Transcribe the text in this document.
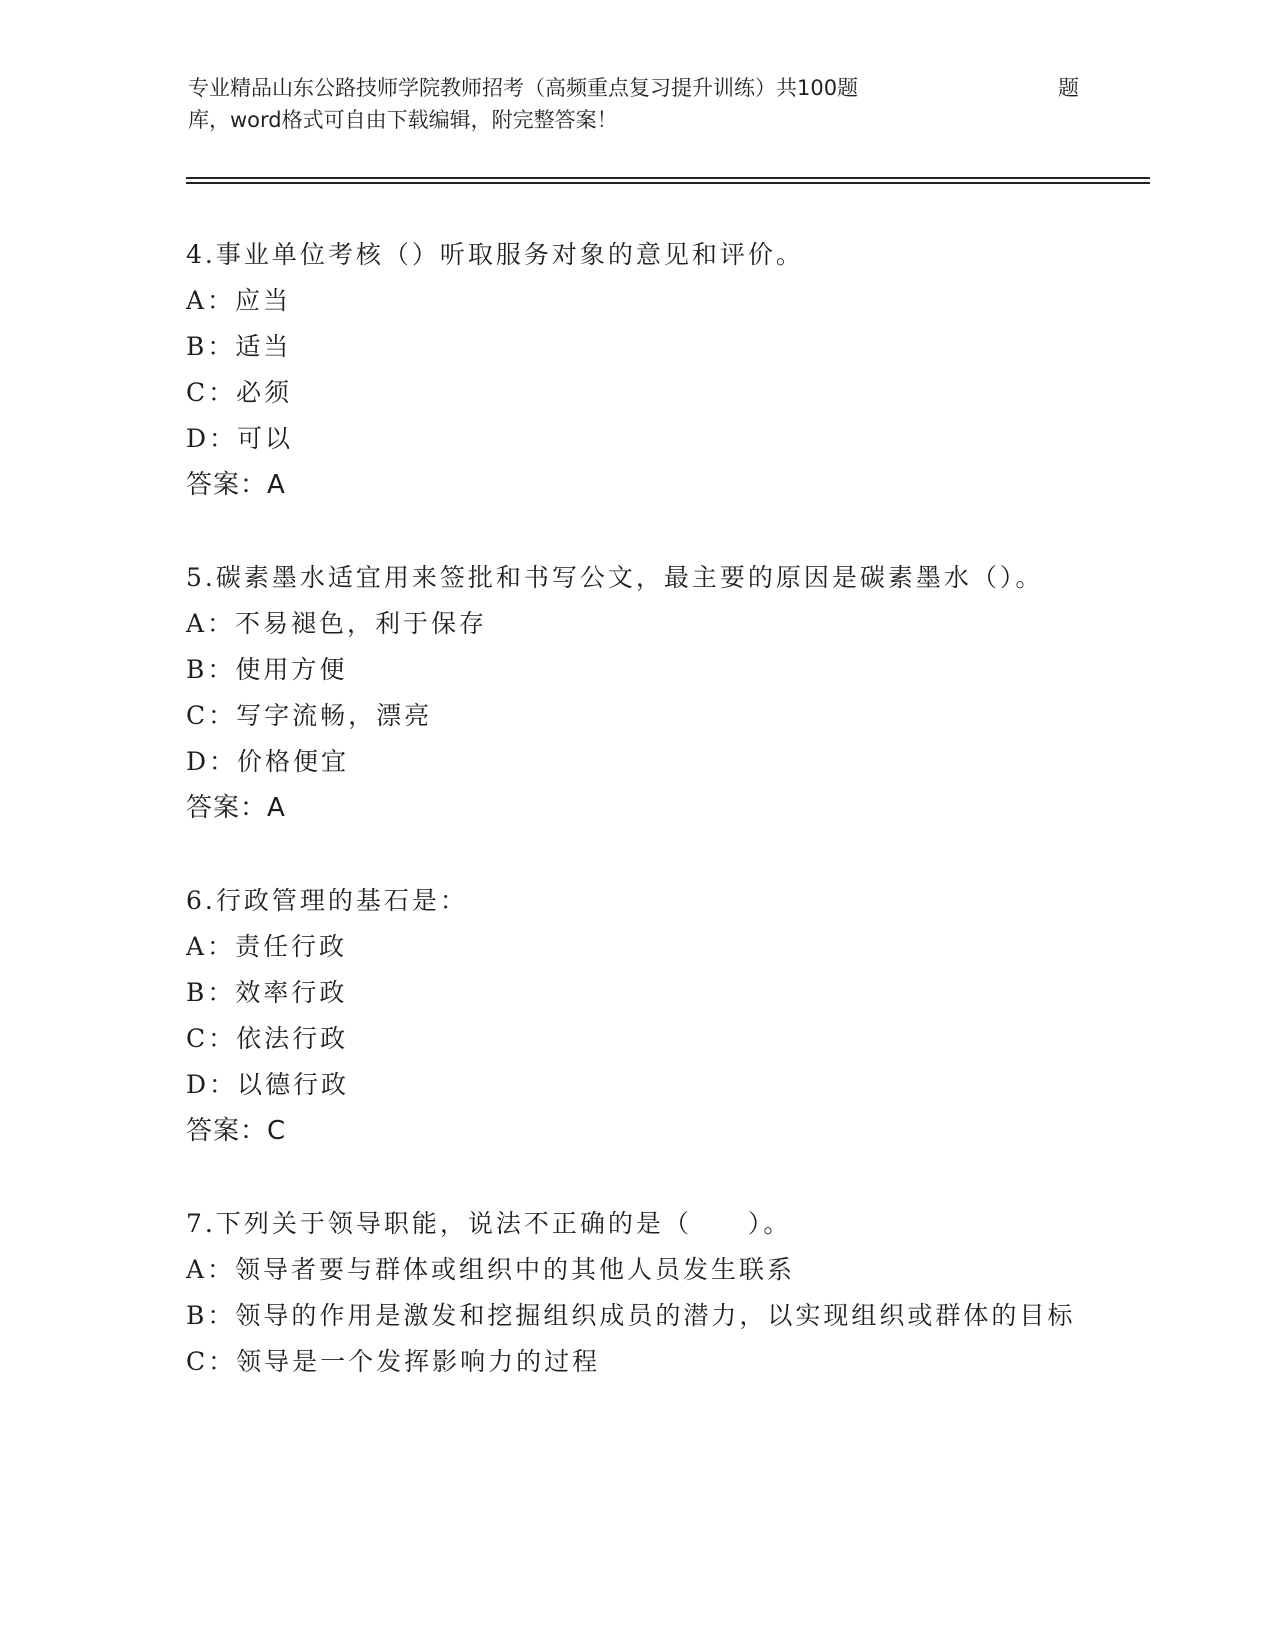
专业精品山东公路技师学院教师招考（高频重点复习提升训练）共100题	题
库，word格式可自由下载编辑，附完整答案！
4.事业单位考核（）听取服务对象的意见和评价。
A：应当
B：适当
C：必须
D：可以
答案：A
5.碳素墨水适宜用来签批和书写公文，最主要的原因是碳素墨水（）。
A：不易褪色，利于保存
B：使用方便
C：写字流畅，漂亮
D：价格便宜
答案：A
6.行政管理的基石是：
A：责任行政
B：效率行政
C：依法行政
D：以德行政
答案：C
7.下列关于领导职能，说法不正确的是（　　）。
A：领导者要与群体或组织中的其他人员发生联系
B：领导的作用是激发和挖掘组织成员的潜力，以实现组织或群体的目标
C：领导是一个发挥影响力的过程
